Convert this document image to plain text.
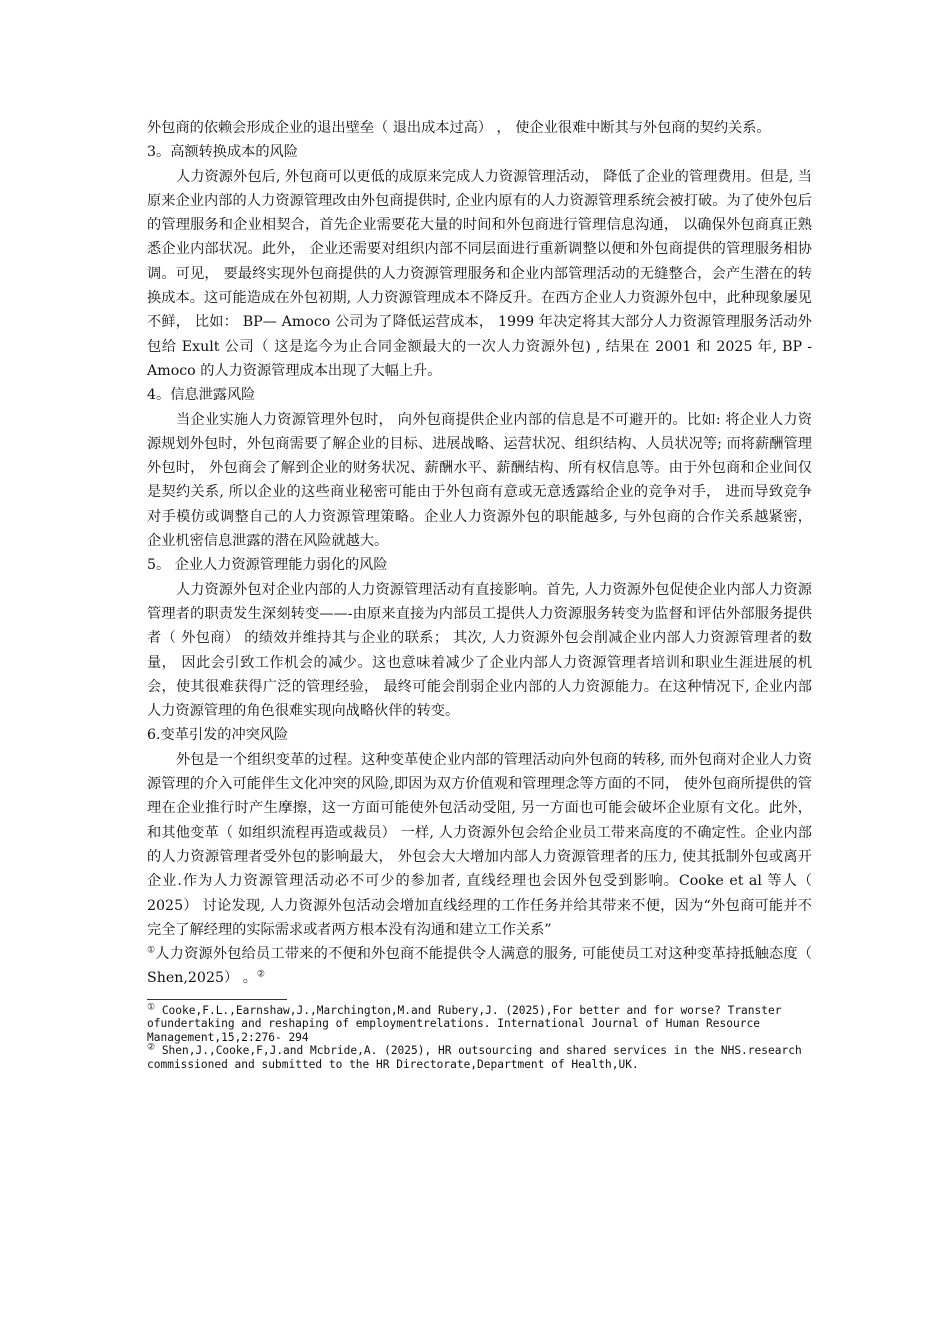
外包商的依赖会形成企业的退出壁垒（ 退出成本过高） ， 使企业很难中断其与外包商的契约关系。

3。高额转换成本的风险

人力资源外包后, 外包商可以更低的成原来完成人力资源管理活动， 降低了企业的管理费用。但是, 当原来企业内部的人力资源管理改由外包商提供时, 企业内原有的人力资源管理系统会被打破。为了使外包后的管理服务和企业相契合，首先企业需要花大量的时间和外包商进行管理信息沟通， 以确保外包商真正熟悉企业内部状况。此外， 企业还需要对组织内部不同层面进行重新调整以便和外包商提供的管理服务相协调。可见， 要最终实现外包商提供的人力资源管理服务和企业内部管理活动的无缝整合，会产生潜在的转换成本。这可能造成在外包初期, 人力资源管理成本不降反升。在西方企业人力资源外包中，此种现象屡见不鲜， 比如： BP— Amoco 公司为了降低运营成本， 1999 年决定将其大部分人力资源管理服务活动外包给 Exult 公司（ 这是迄今为止合同金额最大的一次人力资源外包) , 结果在 2001 和 2025 年, BP - Amoco 的人力资源管理成本出现了大幅上升。

4。信息泄露风险

当企业实施人力资源管理外包时， 向外包商提供企业内部的信息是不可避开的。比如: 将企业人力资源规划外包时，外包商需要了解企业的目标、进展战略、运营状况、组织结构、人员状况等; 而将薪酬管理外包时， 外包商会了解到企业的财务状况、薪酬水平、薪酬结构、所有权信息等。由于外包商和企业间仅是契约关系, 所以企业的这些商业秘密可能由于外包商有意或无意透露给企业的竞争对手， 进而导致竞争对手模仿或调整自己的人力资源管理策略。企业人力资源外包的职能越多, 与外包商的合作关系越紧密， 企业机密信息泄露的潜在风险就越大。

5。 企业人力资源管理能力弱化的风险

人力资源外包对企业内部的人力资源管理活动有直接影响。首先, 人力资源外包促使企业内部人力资源管理者的职责发生深刻转变——-由原来直接为内部员工提供人力资源服务转变为监督和评估外部服务提供者（ 外包商） 的绩效并维持其与企业的联系； 其次, 人力资源外包会削减企业内部人力资源管理者的数量， 因此会引致工作机会的减少。这也意味着减少了企业内部人力资源管理者培训和职业生涯进展的机会，使其很难获得广泛的管理经验， 最终可能会削弱企业内部的人力资源能力。在这种情况下, 企业内部人力资源管理的角色很难实现向战略伙伴的转变。

6.变革引发的冲突风险

外包是一个组织变革的过程。这种变革使企业内部的管理活动向外包商的转移, 而外包商对企业人力资源管理的介入可能伴生文化冲突的风险,即因为双方价值观和管理理念等方面的不同， 使外包商所提供的管理在企业推行时产生摩擦，这一方面可能使外包活动受阻, 另一方面也可能会破坏企业原有文化。此外， 和其他变革（ 如组织流程再造或裁员） 一样, 人力资源外包会给企业员工带来高度的不确定性。企业内部的人力资源管理者受外包的影响最大， 外包会大大增加内部人力资源管理者的压力, 使其抵制外包或离开企业.作为人力资源管理活动必不可少的参加者, 直线经理也会因外包受到影响。Cooke et al 等人（ 2025） 讨论发现, 人力资源外包活动会增加直线经理的工作任务并给其带来不便，因为“外包商可能并不完全了解经理的实际需求或者两方根本没有沟通和建立工作关系”
①人力资源外包给员工带来的不便和外包商不能提供令人满意的服务, 可能使员工对这种变革持抵触态度（ Shen,2025） 。②

① Cooke,F.L.,Earnshaw,J.,Marchington,M.and Rubery,J. (2025),For better and for worse? Transter ofundertaking and reshaping of employmentrelations. International Journal of Human Resource Management,15,2:276- 294

② Shen,J.,Cooke,F,J.and Mcbride,A. (2025), HR outsourcing and shared services in the NHS.research commissioned and submitted to the HR Directorate,Department of Health,UK.
